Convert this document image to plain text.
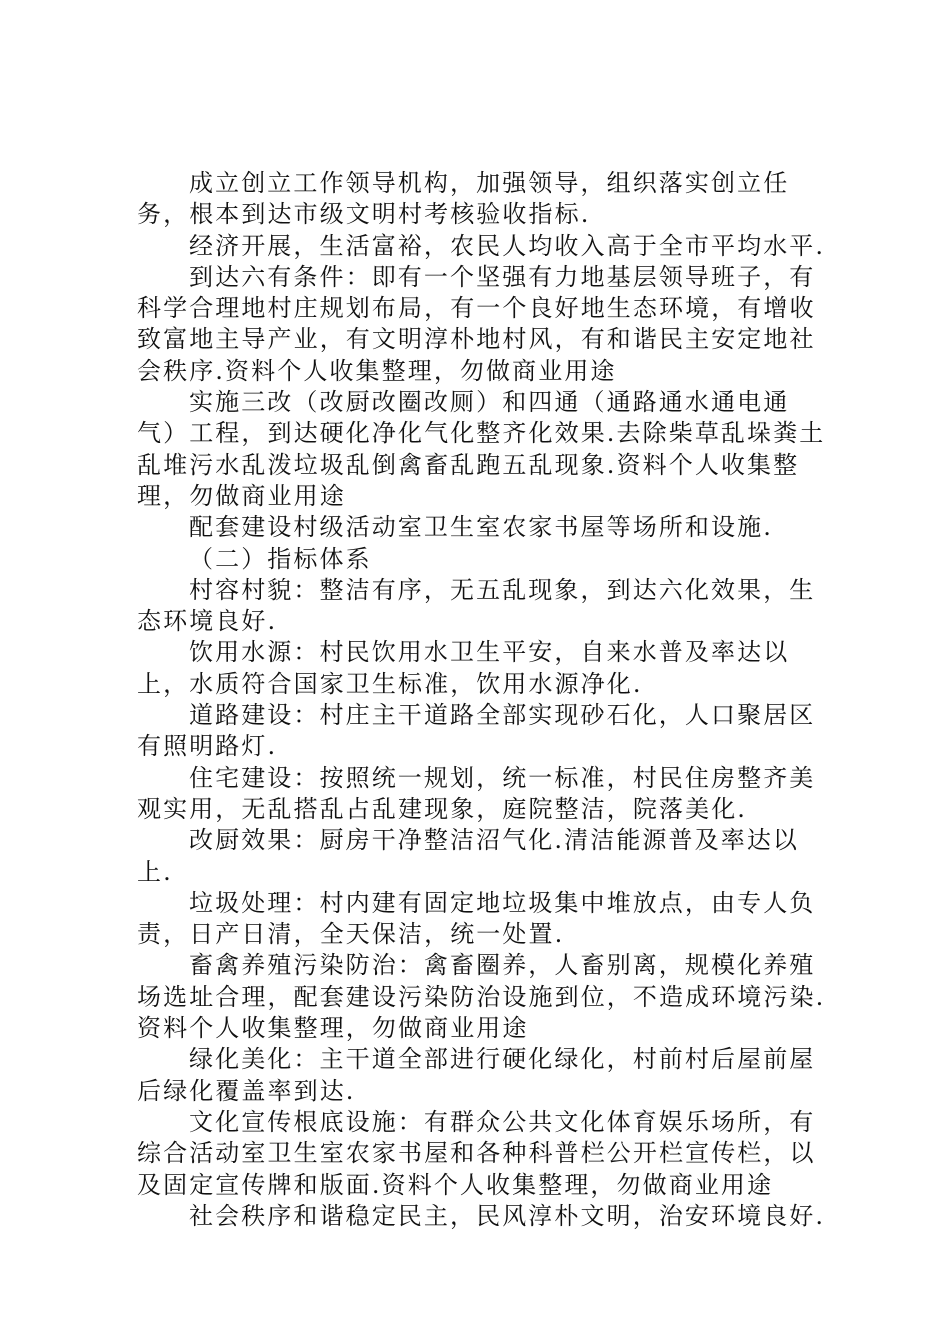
成立创立工作领导机构，加强领导，组织落实创立任务，根本到达市级文明村考核验收指标.

经济开展，生活富裕，农民人均收入高于全市平均水平.

到达六有条件：即有一个坚强有力地基层领导班子，有科学合理地村庄规划布局，有一个良好地生态环境，有增收致富地主导产业，有文明淳朴地村风，有和谐民主安定地社会秩序.资料个人收集整理，勿做商业用途

实施三改（改厨改圈改厕）和四通（通路通水通电通气）工程，到达硬化净化气化整齐化效果.去除柴草乱垛粪土乱堆污水乱泼垃圾乱倒禽畜乱跑五乱现象.资料个人收集整理，勿做商业用途

配套建设村级活动室卫生室农家书屋等场所和设施.

（二）指标体系

村容村貌：整洁有序，无五乱现象，到达六化效果，生态环境良好.

饮用水源：村民饮用水卫生平安，自来水普及率达以上，水质符合国家卫生标准，饮用水源净化.

道路建设：村庄主干道路全部实现砂石化，人口聚居区有照明路灯.

住宅建设：按照统一规划，统一标准，村民住房整齐美观实用，无乱搭乱占乱建现象，庭院整洁，院落美化.

改厨效果：厨房干净整洁沼气化.清洁能源普及率达以上.

垃圾处理：村内建有固定地垃圾集中堆放点，由专人负责，日产日清，全天保洁，统一处置.

畜禽养殖污染防治：禽畜圈养，人畜别离，规模化养殖场选址合理，配套建设污染防治设施到位，不造成环境污染.资料个人收集整理，勿做商业用途

绿化美化：主干道全部进行硬化绿化，村前村后屋前屋后绿化覆盖率到达.

文化宣传根底设施：有群众公共文化体育娱乐场所，有综合活动室卫生室农家书屋和各种科普栏公开栏宣传栏，以及固定宣传牌和版面.资料个人收集整理，勿做商业用途

社会秩序和谐稳定民主，民风淳朴文明，治安环境良好.
